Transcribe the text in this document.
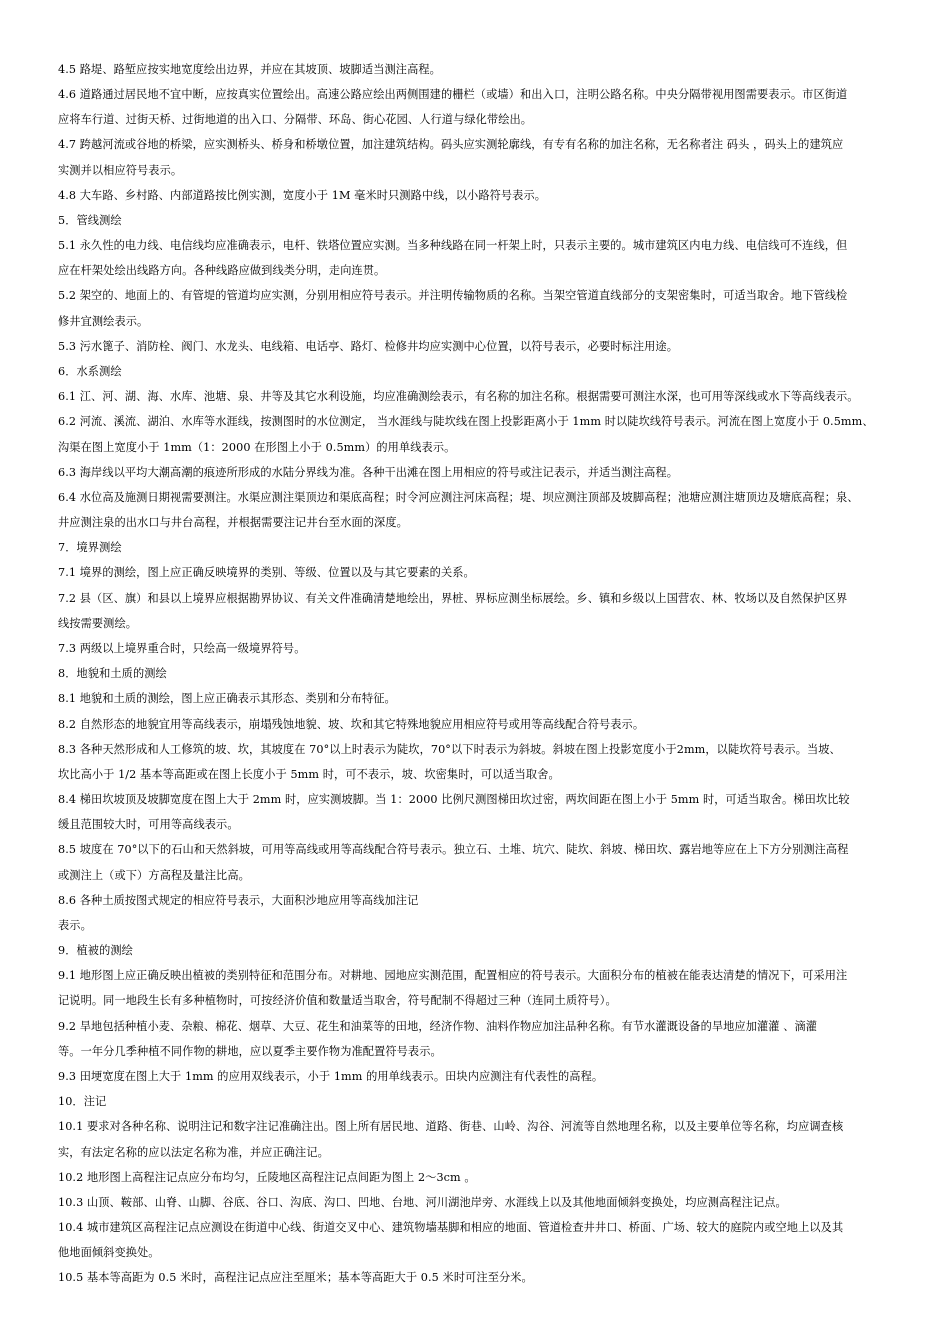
4.5 路堤、路堑应按实地宽度绘出边界，并应在其坡顶、坡脚适当测注高程。
4.6 道路通过居民地不宜中断，应按真实位置绘出。高速公路应绘出两侧围建的栅栏（或墙）和出入口，注明公路名称。中央分隔带视用图需要表示。市区街道
应将车行道、过街天桥、过街地道的出入口、分隔带、环岛、街心花园、人行道与绿化带绘出。
4.7 跨越河流或谷地的桥梁，应实测桥头、桥身和桥墩位置，加注建筑结构。码头应实测轮廓线，有专有名称的加注名称，无名称者注 码头 ，码头上的建筑应
实测并以相应符号表示。
4.8 大车路、乡村路、内部道路按比例实测，宽度小于 1M 毫米时只测路中线，以小路符号表示。
5．管线测绘
5.1 永久性的电力线、电信线均应准确表示，电杆、铁塔位置应实测。当多种线路在同一杆架上时，只表示主要的。城市建筑区内电力线、电信线可不连线，但
应在杆架处绘出线路方向。各种线路应做到线类分明，走向连贯。
5.2 架空的、地面上的、有管堤的管道均应实测，分别用相应符号表示。并注明传输物质的名称。当架空管道直线部分的支架密集时，可适当取舍。地下管线检
修井宜测绘表示。
5.3 污水篦子、消防栓、阀门、水龙头、电线箱、电话亭、路灯、检修井均应实测中心位置，以符号表示，必要时标注用途。
6．水系测绘
6.1 江、河、湖、海、水库、池塘、泉、井等及其它水利设施，均应准确测绘表示，有名称的加注名称。根据需要可测注水深，也可用等深线或水下等高线表示。
6.2 河流、溪流、湖泊、水库等水涯线，按测图时的水位测定， 当水涯线与陡坎线在图上投影距离小于 1mm 时以陡坎线符号表示。河流在图上宽度小于 0.5mm、
沟渠在图上宽度小于 1mm（1：2000 在形图上小于 0.5mm）的用单线表示。
6.3 海岸线以平均大潮高潮的痕迹所形成的水陆分界线为准。各种干出滩在图上用相应的符号或注记表示，并适当测注高程。
6.4 水位高及施测日期视需要测注。水渠应测注渠顶边和渠底高程；时令河应测注河床高程；堤、坝应测注顶部及坡脚高程；池塘应测注塘顶边及塘底高程；泉、
井应测注泉的出水口与井台高程，并根据需要注记井台至水面的深度。
7．境界测绘
7.1 境界的测绘，图上应正确反映境界的类别、等级、位置以及与其它要素的关系。
7.2 县（区、旗）和县以上境界应根据勘界协议、有关文件准确清楚地绘出，界桩、界标应测坐标展绘。乡、镇和乡级以上国营农、林、牧场以及自然保护区界
线按需要测绘。
7.3 两级以上境界重合时，只绘高一级境界符号。
8．地貌和土质的测绘
8.1 地貌和土质的测绘，图上应正确表示其形态、类别和分布特征。
8.2 自然形态的地貌宜用等高线表示，崩塌残蚀地貌、坡、坎和其它特殊地貌应用相应符号或用等高线配合符号表示。
8.3 各种天然形成和人工修筑的坡、坎，其坡度在 70°以上时表示为陡坎，70°以下时表示为斜坡。斜坡在图上投影宽度小于2mm，以陡坎符号表示。当坡、
坎比高小于 1/2 基本等高距或在图上长度小于 5mm 时，可不表示，坡、坎密集时，可以适当取舍。
8.4 梯田坎坡顶及坡脚宽度在图上大于 2mm 时，应实测坡脚。当 1：2000 比例尺测图梯田坎过密，两坎间距在图上小于 5mm 时，可适当取舍。梯田坎比较
缓且范围较大时，可用等高线表示。
8.5 坡度在 70°以下的石山和天然斜坡，可用等高线或用等高线配合符号表示。独立石、土堆、坑穴、陡坎、斜坡、梯田坎、露岩地等应在上下方分别测注高程
或测注上（或下）方高程及量注比高。
8.6 各种土质按图式规定的相应符号表示，大面积沙地应用等高线加注记
表示。
9．植被的测绘
9.1 地形图上应正确反映出植被的类别特征和范围分布。对耕地、园地应实测范围，配置相应的符号表示。大面积分布的植被在能表达清楚的情况下，可采用注
记说明。同一地段生长有多种植物时，可按经济价值和数量适当取舍，符号配制不得超过三种（连同土质符号）。
9.2 旱地包括种植小麦、杂粮、棉花、烟草、大豆、花生和油菜等的田地，经济作物、油料作物应加注品种名称。有节水灌溉设备的旱地应加灌灌 、滴灌
等。一年分几季种植不同作物的耕地，应以夏季主要作物为准配置符号表示。
9.3 田埂宽度在图上大于 1mm 的应用双线表示，小于 1mm 的用单线表示。田块内应测注有代表性的高程。
10．注记
10.1 要求对各种名称、说明注记和数字注记准确注出。图上所有居民地、道路、街巷、山岭、沟谷、河流等自然地理名称，以及主要单位等名称，均应调查核
实，有法定名称的应以法定名称为准，并应正确注记。
10.2 地形图上高程注记点应分布均匀，丘陵地区高程注记点间距为图上 2～3cm 。
10.3 山顶、鞍部、山脊、山脚、谷底、谷口、沟底、沟口、凹地、台地、河川湖池岸旁、水涯线上以及其他地面倾斜变换处，均应测高程注记点。
10.4 城市建筑区高程注记点应测设在街道中心线、街道交叉中心、建筑物墙基脚和相应的地面、管道检查井井口、桥面、广场、较大的庭院内或空地上以及其
他地面倾斜变换处。
10.5 基本等高距为 0.5 米时，高程注记点应注至厘米；基本等高距大于 0.5 米时可注至分米。
